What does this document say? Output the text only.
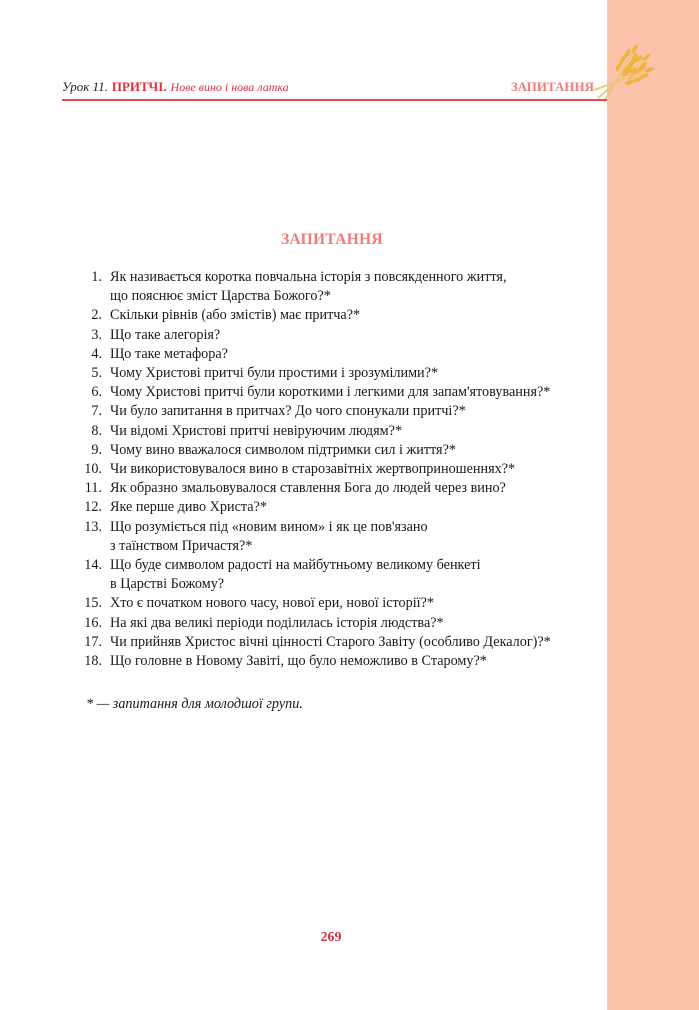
Урок 11. ПРИТЧІ. Нове вино і нова латка	ЗАПИТАННЯ
ЗАПИТАННЯ
1. Як називається коротка повчальна історія з повсякденного життя,
що пояснює зміст Царства Божого?*
2. Скільки рівнів (або змістів) має притча?*
3. Що таке алегорія?
4. Що таке метафора?
5. Чому Христові притчі були простими і зрозумілими?*
6. Чому Христові притчі були короткими і легкими для запам'ятовування?*
7. Чи було запитання в притчах? До чого спонукали притчі?*
8. Чи відомі Христові притчі невіруючим людям?*
9. Чому вино вважалося символом підтримки сил і життя?*
10. Чи використовувалося вино в старозавітніх жертвоприношеннях?*
11. Як образно змальовувалося ставлення Бога до людей через вино?
12. Яке перше диво Христа?*
13. Що розуміється під «новим вином» і як це пов'язано
з таїнством Причастя?*
14. Що буде символом радості на майбутньому великому бенкеті
в Царстві Божому?
15. Хто є початком нового часу, нової ери, нової історії?*
16. На які два великі періоди поділилась історія людства?*
17. Чи прийняв Христос вічні цінності Старого Завіту (особливо Декалог)?*
18. Що головне в Новому Завіті, що було неможливо в Старому?*
* — запитання для молодшої групи.
269
